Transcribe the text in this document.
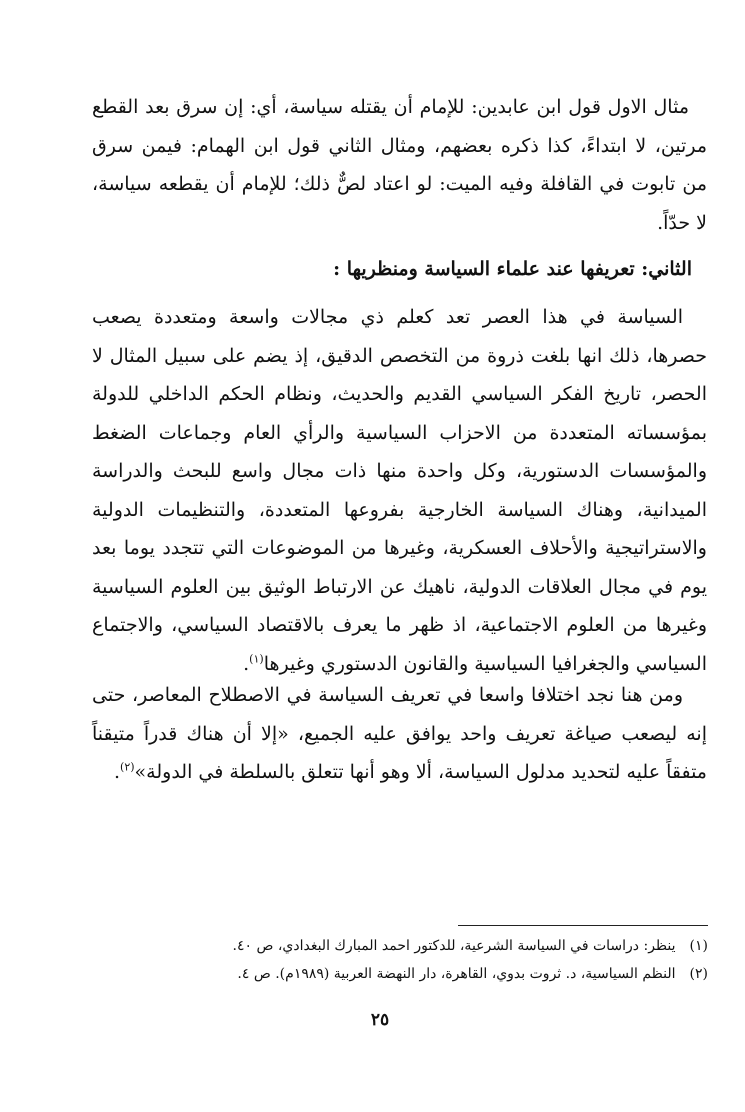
مثال الاول قول ابن عابدين: للإمام أن يقتله سياسة، أي: إن سرق بعد القطع مرتين، لا ابتداءً، كذا ذكره بعضهم، ومثال الثاني قول ابن الهمام: فيمن سرق من تابوت في القافلة وفيه الميت: لو اعتاد لصٌّ ذلك؛ للإمام أن يقطعه سياسة، لا حدّاً.

الثاني: تعريفها عند علماء السياسة ومنظريها :

السياسة في هذا العصر تعد كعلم ذي مجالات واسعة ومتعددة يصعب حصرها، ذلك انها بلغت ذروة من التخصص الدقيق، إذ يضم على سبيل المثال لا الحصر، تاريخ الفكر السياسي القديم والحديث، ونظام الحكم الداخلي للدولة بمؤسساته المتعددة من الاحزاب السياسية والرأي العام وجماعات الضغط والمؤسسات الدستورية، وكل واحدة منها ذات مجال واسع للبحث والدراسة الميدانية، وهناك السياسة الخارجية بفروعها المتعددة، والتنظيمات الدولية والاستراتيجية والأحلاف العسكرية، وغيرها من الموضوعات التي تتجدد يوما بعد يوم في مجال العلاقات الدولية، ناهيك عن الارتباط الوثيق بين العلوم السياسية وغيرها من العلوم الاجتماعية، اذ ظهر ما يعرف بالاقتصاد السياسي، والاجتماع السياسي والجغرافيا السياسية والقانون الدستوري وغيرها$^{(١)}$.

ومن هنا نجد اختلافا واسعا في تعريف السياسة في الاصطلاح المعاصر، حتى إنه ليصعب صياغة تعريف واحد يوافق عليه الجميع، «إلا أن هناك قدراً متيقناً متفقاً عليه لتحديد مدلول السياسة، ألا وهو أنها تتعلق بالسلطة في الدولة»$^{(٢)}$.

(١)ينظر: دراسات في السياسة الشرعية، للدكتور احمد المبارك البغدادي، ص ٤٠.

(٢)النظم السياسية، د. ثروت بدوي، القاهرة، دار النهضة العربية (١٩٨٩م). ص ٤.

٢٥
